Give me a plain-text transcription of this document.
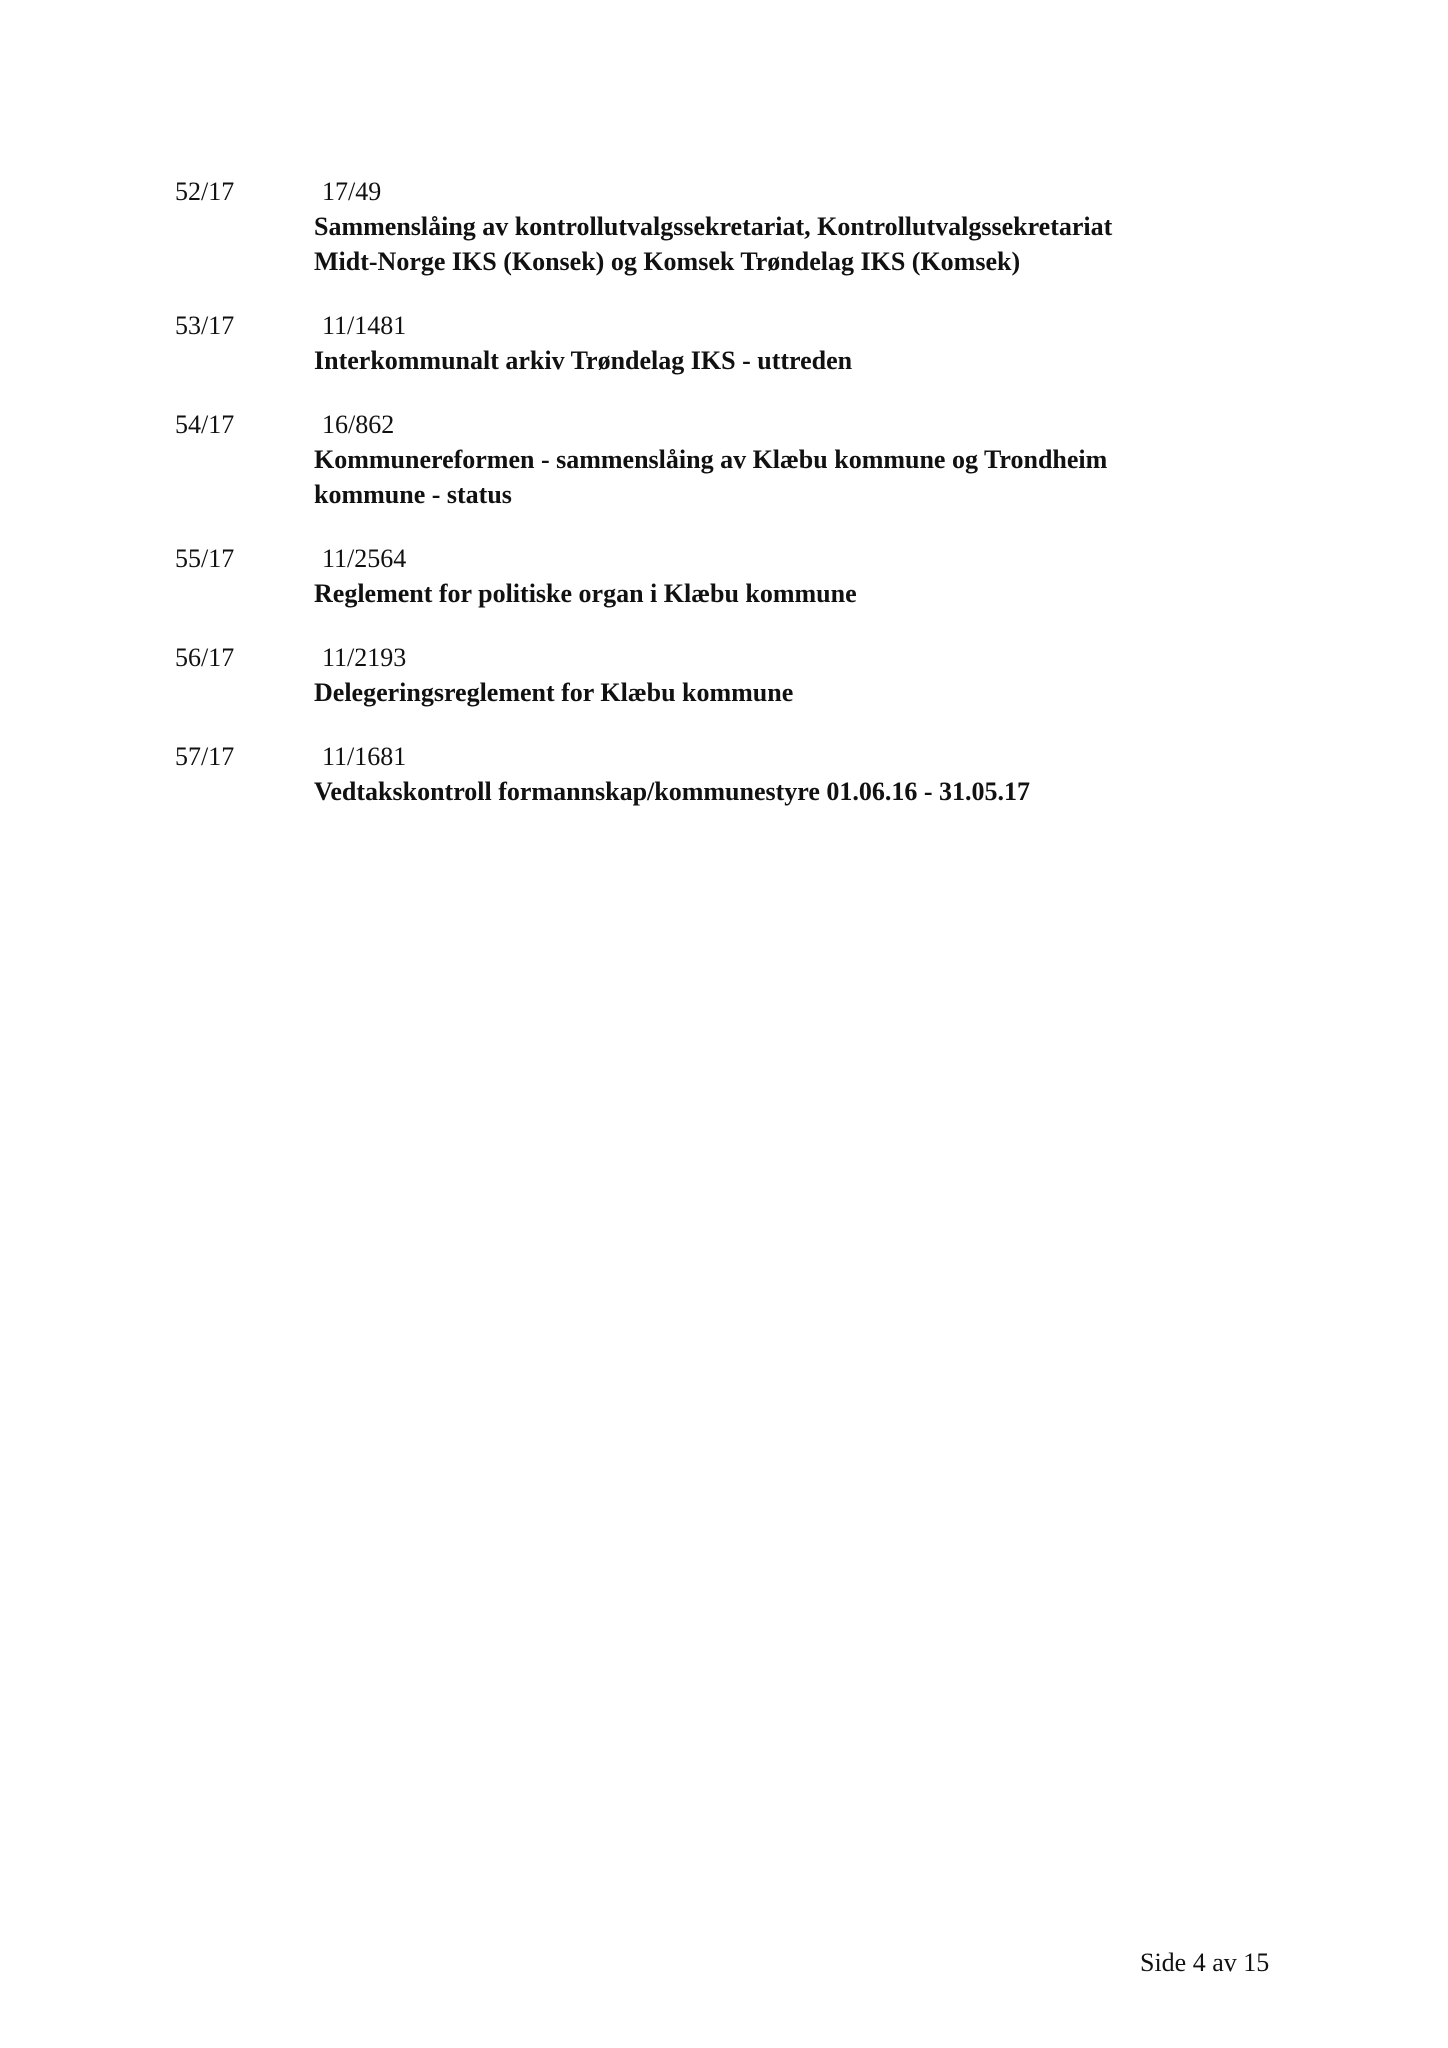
52/17	17/49
Sammenslåing av kontrollutvalgssekretariat, Kontrollutvalgssekretariat
Midt-Norge IKS (Konsek) og Komsek Trøndelag IKS (Komsek)
53/17	11/1481
Interkommunalt arkiv Trøndelag IKS - uttreden
54/17	16/862
Kommunereformen - sammenslåing av Klæbu kommune og Trondheim
kommune - status
55/17	11/2564
Reglement for politiske organ i Klæbu kommune
56/17	11/2193
Delegeringsreglement for Klæbu kommune
57/17	11/1681
Vedtakskontroll formannskap/kommunestyre 01.06.16 - 31.05.17
Side 4 av 15
